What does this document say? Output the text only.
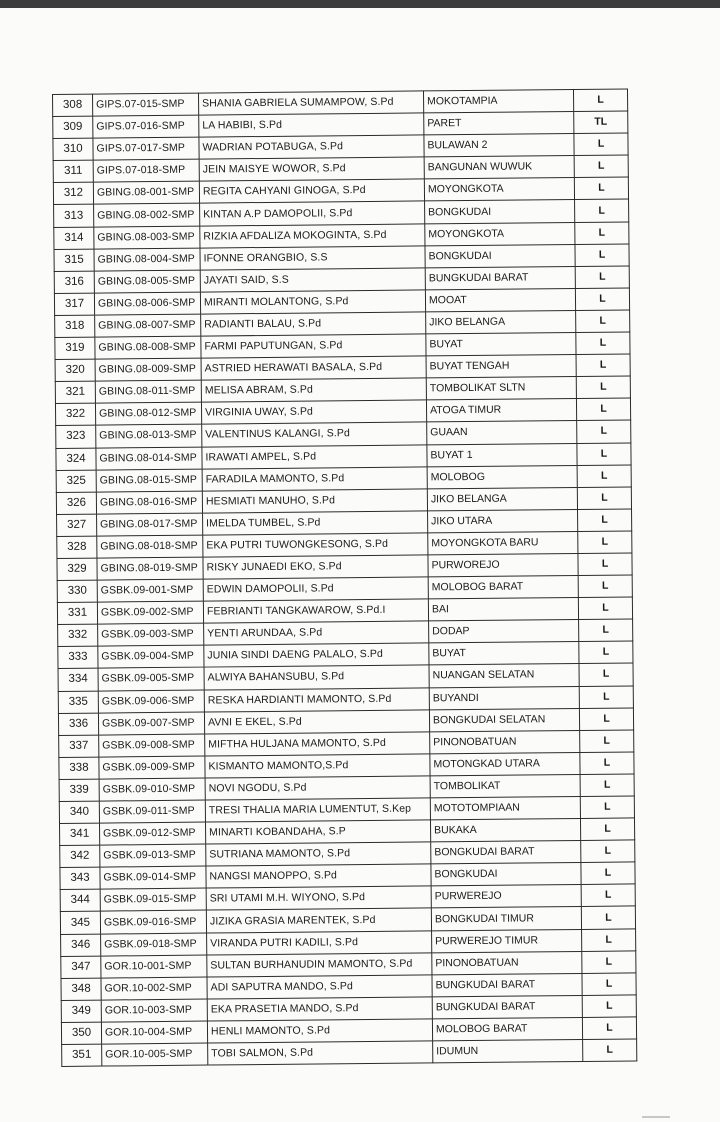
308	GIPS.07-015-SMP	SHANIA GABRIELA SUMAMPOW, S.Pd	MOKOTAMPIA	L
309	GIPS.07-016-SMP	LA HABIBI, S.Pd	PARET	TL
310	GIPS.07-017-SMP	WADRIAN POTABUGA, S.Pd	BULAWAN 2	L
311	GIPS.07-018-SMP	JEIN MAISYE WOWOR, S.Pd	BANGUNAN WUWUK	L
312	GBING.08-001-SMP	REGITA CAHYANI GINOGA, S.Pd	MOYONGKOTA	L
313	GBING.08-002-SMP	KINTAN A.P DAMOPOLII, S.Pd	BONGKUDAI	L
314	GBING.08-003-SMP	RIZKIA AFDALIZA MOKOGINTA, S.Pd	MOYONGKOTA	L
315	GBING.08-004-SMP	IFONNE ORANGBIO, S.S	BONGKUDAI	L
316	GBING.08-005-SMP	JAYATI SAID, S.S	BUNGKUDAI BARAT	L
317	GBING.08-006-SMP	MIRANTI MOLANTONG, S.Pd	MOOAT	L
318	GBING.08-007-SMP	RADIANTI BALAU, S.Pd	JIKO BELANGA	L
319	GBING.08-008-SMP	FARMI PAPUTUNGAN, S.Pd	BUYAT	L
320	GBING.08-009-SMP	ASTRIED HERAWATI BASALA, S.Pd	BUYAT TENGAH	L
321	GBING.08-011-SMP	MELISA ABRAM, S.Pd	TOMBOLIKAT SLTN	L
322	GBING.08-012-SMP	VIRGINIA UWAY, S.Pd	ATOGA TIMUR	L
323	GBING.08-013-SMP	VALENTINUS KALANGI, S.Pd	GUAAN	L
324	GBING.08-014-SMP	IRAWATI AMPEL, S.Pd	BUYAT 1	L
325	GBING.08-015-SMP	FARADILA MAMONTO, S.Pd	MOLOBOG	L
326	GBING.08-016-SMP	HESMIATI MANUHO, S.Pd	JIKO BELANGA	L
327	GBING.08-017-SMP	IMELDA TUMBEL, S.Pd	JIKO UTARA	L
328	GBING.08-018-SMP	EKA PUTRI TUWONGKESONG, S.Pd	MOYONGKOTA BARU	L
329	GBING.08-019-SMP	RISKY JUNAEDI EKO, S.Pd	PURWOREJO	L
330	GSBK.09-001-SMP	EDWIN DAMOPOLII, S.Pd	MOLOBOG BARAT	L
331	GSBK.09-002-SMP	FEBRIANTI TANGKAWAROW, S.Pd.I	BAI	L
332	GSBK.09-003-SMP	YENTI ARUNDAA, S.Pd	DODAP	L
333	GSBK.09-004-SMP	JUNIA SINDI DAENG PALALO, S.Pd	BUYAT	L
334	GSBK.09-005-SMP	ALWIYA BAHANSUBU, S.Pd	NUANGAN SELATAN	L
335	GSBK.09-006-SMP	RESKA HARDIANTI MAMONTO, S.Pd	BUYANDI	L
336	GSBK.09-007-SMP	AVNI E EKEL, S.Pd	BONGKUDAI SELATAN	L
337	GSBK.09-008-SMP	MIFTHA HULJANA MAMONTO, S.Pd	PINONOBATUAN	L
338	GSBK.09-009-SMP	KISMANTO MAMONTO,S.Pd	MOTONGKAD UTARA	L
339	GSBK.09-010-SMP	NOVI NGODU, S.Pd	TOMBOLIKAT	L
340	GSBK.09-011-SMP	TRESI THALIA MARIA LUMENTUT, S.Kep	MOTOTOMPIAAN	L
341	GSBK.09-012-SMP	MINARTI KOBANDAHA, S.P	BUKAKA	L
342	GSBK.09-013-SMP	SUTRIANA MAMONTO, S.Pd	BONGKUDAI BARAT	L
343	GSBK.09-014-SMP	NANGSI MANOPPO, S.Pd	BONGKUDAI	L
344	GSBK.09-015-SMP	SRI UTAMI M.H. WIYONO, S.Pd	PURWEREJO	L
345	GSBK.09-016-SMP	JIZIKA GRASIA MARENTEK, S.Pd	BONGKUDAI TIMUR	L
346	GSBK.09-018-SMP	VIRANDA PUTRI KADILI, S.Pd	PURWEREJO TIMUR	L
347	GOR.10-001-SMP	SULTAN BURHANUDIN MAMONTO, S.Pd	PINONOBATUAN	L
348	GOR.10-002-SMP	ADI SAPUTRA MANDO, S.Pd	BUNGKUDAI BARAT	L
349	GOR.10-003-SMP	EKA PRASETIA MANDO, S.Pd	BUNGKUDAI BARAT	L
350	GOR.10-004-SMP	HENLI MAMONTO, S.Pd	MOLOBOG BARAT	L
351	GOR.10-005-SMP	TOBI SALMON, S.Pd	IDUMUN	L
